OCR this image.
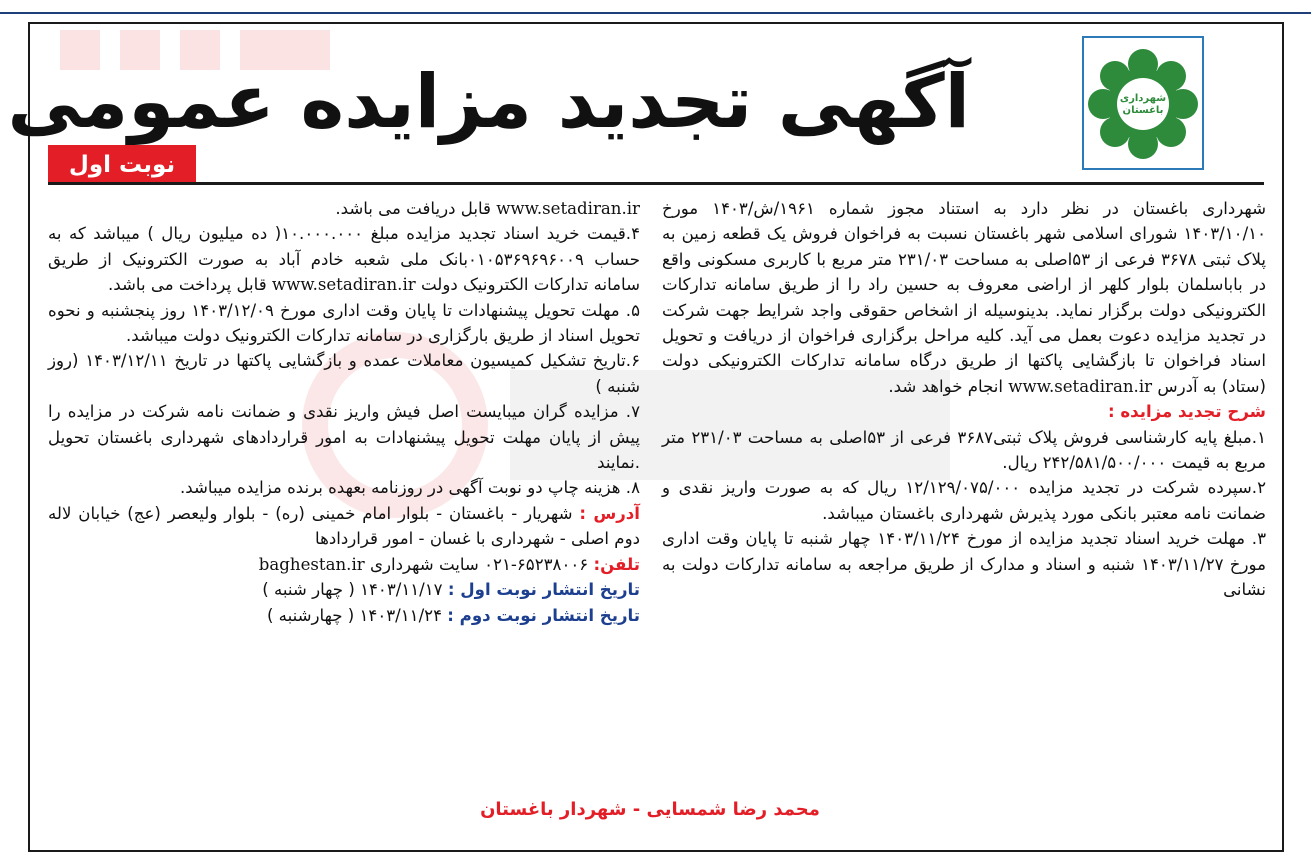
شهرداری باغستان
آگهی تجدید مزایده عمومی
نوبت اول

شهرداری باغستان در نظر دارد به استناد مجوز شماره ۱۹۶۱/ش/۱۴۰۳ مورخ ۱۴۰۳/۱۰/۱۰ شورای اسلامی شهر باغستان نسبت به فراخوان فروش یک قطعه زمین به پلاک ثبتی ۳۶۷۸ فرعی از ۵۳اصلی به مساحت ۲۳۱/۰۳ متر مربع با کاربری مسکونی واقع در باباسلمان بلوار کلهر از اراضی معروف به حسین راد را از طریق سامانه تدارکات الکترونیکی دولت برگزار نماید. بدینوسیله از اشخاص حقوقی واجد شرایط جهت شرکت در تجدید مزایده دعوت بعمل می آید. کلیه مراحل برگزاری فراخوان از دریافت و تحویل اسناد فراخوان تا بازگشایی پاکتها از طریق درگاه سامانه تدارکات الکترونیکی دولت (ستاد) به آدرس www.setadiran.ir انجام خواهد شد.

شرح تجدید مزایده :

۱.مبلغ پایه کارشناسی فروش پلاک ثبتی۳۶۸۷ فرعی از ۵۳اصلی به مساحت ۲۳۱/۰۳ متر مربع به قیمت ۲۴۲/۵۸۱/۵۰۰/۰۰۰ ریال.

۲.سپرده شرکت در تجدید مزایده ۱۲/۱۲۹/۰۷۵/۰۰۰ ریال که به صورت واریز نقدی و ضمانت نامه معتبر بانکی مورد پذیرش شهرداری باغستان میباشد.

۳. مهلت خرید اسناد تجدید مزایده از مورخ ۱۴۰۳/۱۱/۲۴ چهار شنبه تا پایان وقت اداری مورخ ۱۴۰۳/۱۱/۲۷ شنبه و اسناد و مدارک از طریق مراجعه به سامانه تدارکات دولت به نشانی

www.setadiran.ir قابل دریافت می باشد.

۴.قیمت خرید اسناد تجدید مزایده مبلغ ۱۰.۰۰۰.۰۰۰( ده میلیون ریال ) میباشد که به حساب ۰۱۰۵۳۶۹۶۹۶۰۰۹بانک ملی شعبه خادم آباد به صورت الکترونیک از طریق سامانه تدارکات الکترونیک دولت www.setadiran.ir قابل پرداخت می باشد.

۵. مهلت تحویل پیشنهادات تا پایان وقت اداری مورخ ۱۴۰۳/۱۲/۰۹ روز پنجشنبه و نحوه تحویل اسناد از طریق بارگزاری در سامانه تدارکات الکترونیک دولت میباشد.

۶.تاریخ تشکیل کمیسیون معاملات عمده و بازگشایی پاکتها در تاریخ ۱۴۰۳/۱۲/۱۱ (روز شنبه )

۷. مزایده گران میبایست اصل فیش واریز نقدی و ضمانت نامه شرکت در مزایده را پیش از پایان مهلت تحویل پیشنهادات به امور قراردادهای شهرداری باغستان تحویل .نمایند

۸. هزینه چاپ دو نوبت آگهی در روزنامه بعهده برنده مزایده میباشد.

آدرس : شهریار - باغستان - بلوار امام خمینی (ره) - بلوار ولیعصر (عج) خیابان لاله دوم اصلی - شهرداری با غسان - امور قراردادها

تلفن: ۶۵۲۳۸۰۰۶-۰۲۱ سایت شهرداری baghestan.ir

تاریخ انتشار نوبت اول : ۱۴۰۳/۱۱/۱۷ ( چهار شنبه )

تاریخ انتشار نوبت دوم : ۱۴۰۳/۱۱/۲۴ ( چهارشنبه )

محمد رضا شمسایی - شهردار باغستان
